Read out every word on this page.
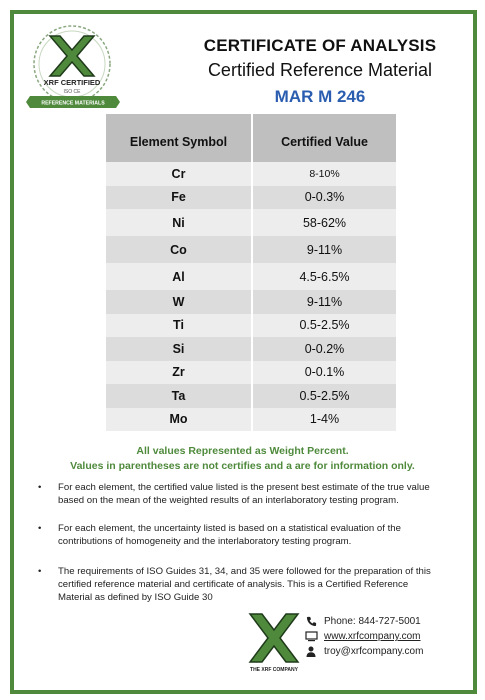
XRF CERTIFIED
ISO CE
REFERENCE MATERIALS
CERTIFICATE OF ANALYSIS
Certified Reference Material
MAR M 246
Element Symbol	Certified Value
Cr	8-10%
Fe	0-0.3%
Ni	58-62%
Co	9-11%
Al	4.5-6.5%
W	9-11%
Ti	0.5-2.5%
Si	0-0.2%
Zr	0-0.1%
Ta	0.5-2.5%
Mo	1-4%
All values Represented as Weight Percent.
Values in parentheses are not certifies and a are for information only.
• For each element, the certified value listed is the present best estimate of the true value based on the mean of the weighted results of an interlaboratory testing program.
• For each element, the uncertainty listed is based on a statistical evaluation of the contributions of homogeneity and the interlaboratory testing program.
• The requirements of ISO Guides 31, 34, and 35 were followed for the preparation of this certified reference material and certificate of analysis. This is a Certified Reference Material as defined by ISO Guide 30
THE XRF COMPANY
Phone: 844-727-5001
www.xrfcompany.com
troy@xrfcompany.com
